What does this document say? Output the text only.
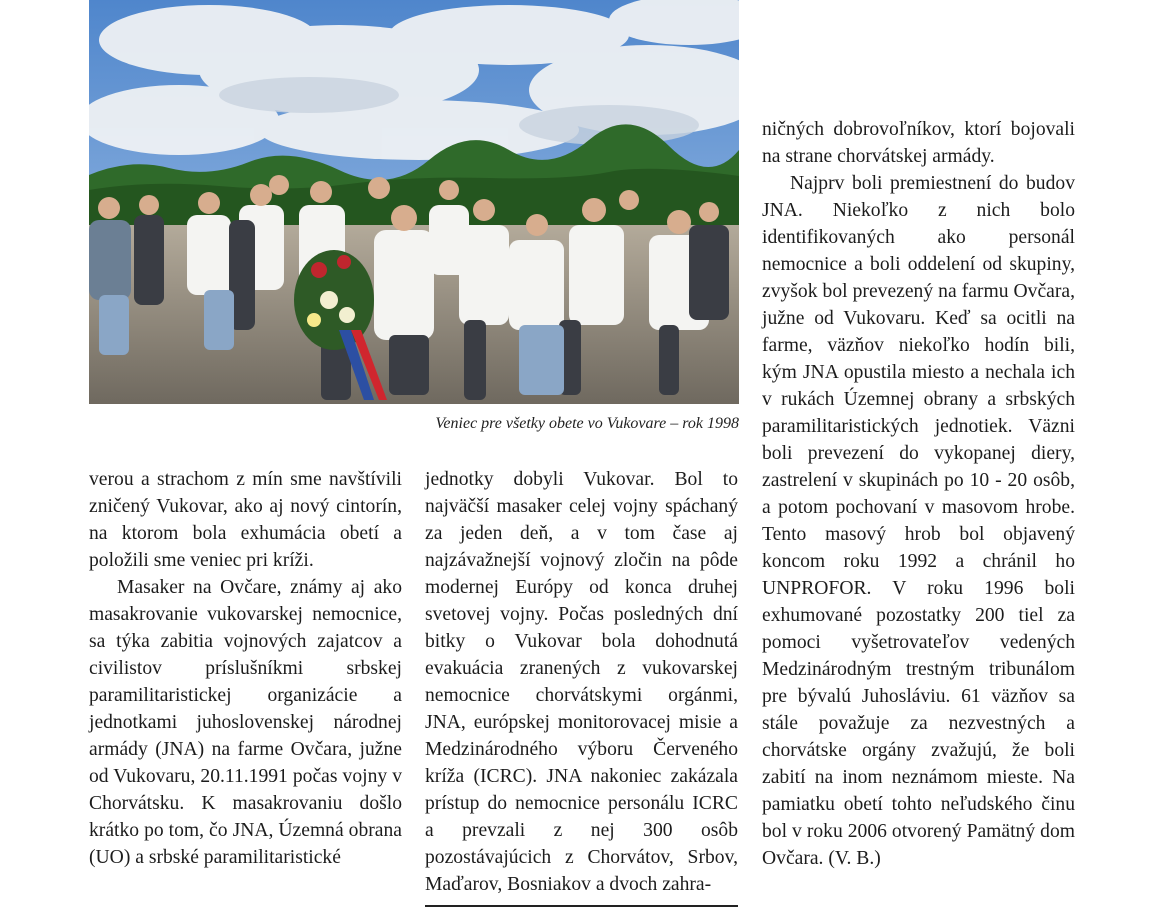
Veniec pre všetky obete vo Vukovare – rok 1998

verou a strachom z mín sme navštívili zničený Vukovar, ako aj nový cintorín, na ktorom bola exhumácia obetí a položili sme veniec pri kríži.

Masaker na Ovčare, známy aj ako masakrovanie vukovarskej nemocnice, sa týka zabitia vojnových zajatcov a civilistov príslušníkmi srbskej paramilitaristickej organizácie a jednotkami juhoslovenskej národnej armády (JNA) na farme Ovčara, južne od Vukovaru, 20.11.1991 počas vojny v Chorvátsku. K masakrovaniu došlo krátko po tom, čo JNA, Územná obrana (UO) a srbské paramilitaristické

jednotky dobyli Vukovar. Bol to najväčší masaker celej vojny spáchaný za jeden deň, a v tom čase aj najzávažnejší vojnový zločin na pôde modernej Európy od konca druhej svetovej vojny. Počas posledných dní bitky o Vukovar bola dohodnutá evakuácia zranených z vukovarskej nemocnice chorvátskymi orgánmi, JNA, európskej monitorovacej misie a Medzinárodného výboru Červeného kríža (ICRC). JNA nakoniec zakázala prístup do nemocnice personálu ICRC a prevzali z nej 300 osôb pozostávajúcich z Chorvátov, Srbov, Maďarov, Bosniakov a dvoch zahra-

ničných dobrovoľníkov, ktorí bojovali na strane chorvátskej armády.

Najprv boli premiestnení do budov JNA. Niekoľko z nich bolo identifikovaných ako personál nemocnice a boli oddelení od skupiny, zvyšok bol prevezený na farmu Ovčara, južne od Vukovaru. Keď sa ocitli na farme, väzňov niekoľko hodín bili, kým JNA opustila miesto a nechala ich v rukách Územnej obrany a srbských paramilitaristických jednotiek. Väzni boli prevezení do vykopanej diery, zastrelení v skupinách po 10 - 20 osôb, a potom pochovaní v masovom hrobe. Tento masový hrob bol objavený koncom roku 1992 a chránil ho UNPROFOR. V roku 1996 boli exhumované pozostatky 200 tiel za pomoci vyšetrovateľov vedených Medzinárodným trestným tribunálom pre bývalú Juhosláviu. 61 väzňov sa stále považuje za nezvestných a chorvátske orgány zvažujú, že boli zabití na inom neznámom mieste. Na pamiatku obetí tohto neľudského činu bol v roku 2006 otvorený Pamätný dom Ovčara. (V. B.)
